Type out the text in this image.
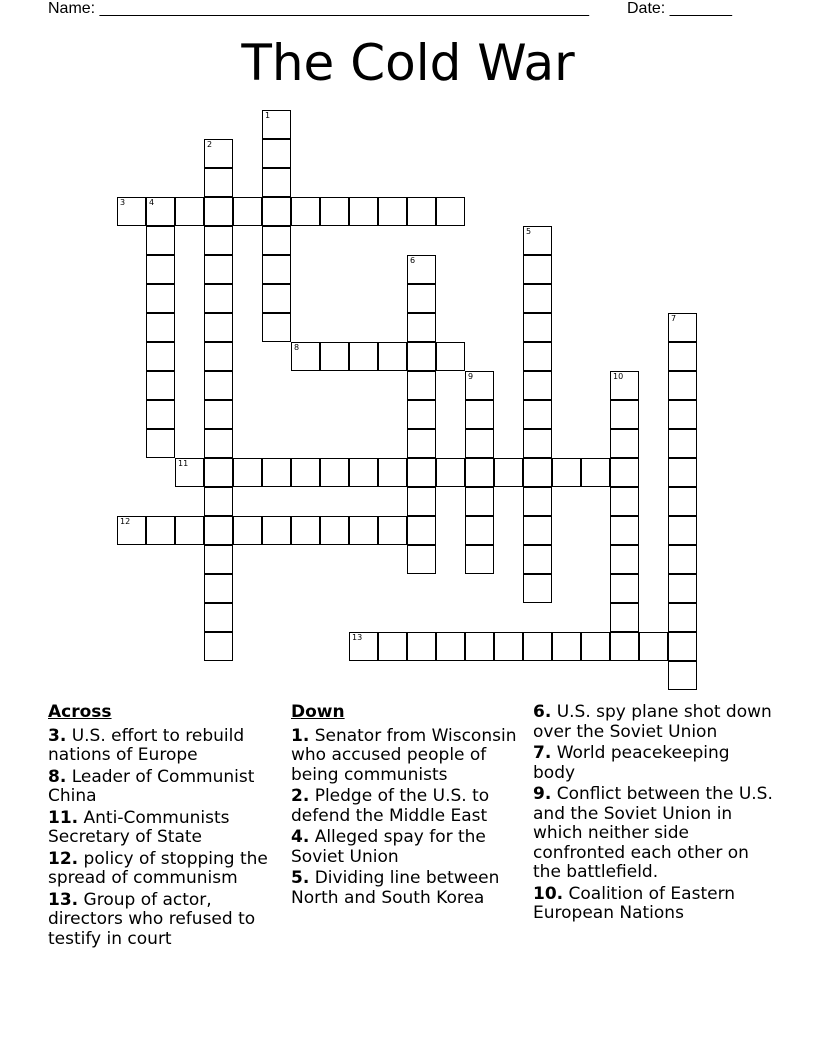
Name: _______________________________________________________ Date: _______
The Cold War
1
2
3	4
5
6
7
8
9	10
11
12
13
Across
3. U.S. effort to rebuild nations of Europe
8. Leader of Communist China
11. Anti-Communists Secretary of State
12. policy of stopping the spread of communism
13. Group of actor, directors who refused to testify in court
Down
1. Senator from Wisconsin who accused people of being communists
2. Pledge of the U.S. to defend the Middle East
4. Alleged spay for the Soviet Union
5. Dividing line between North and South Korea
6. U.S. spy plane shot down over the Soviet Union
7. World peacekeeping body
9. Conflict between the U.S. and the Soviet Union in which neither side confronted each other on the battlefield.
10. Coalition of Eastern European Nations
